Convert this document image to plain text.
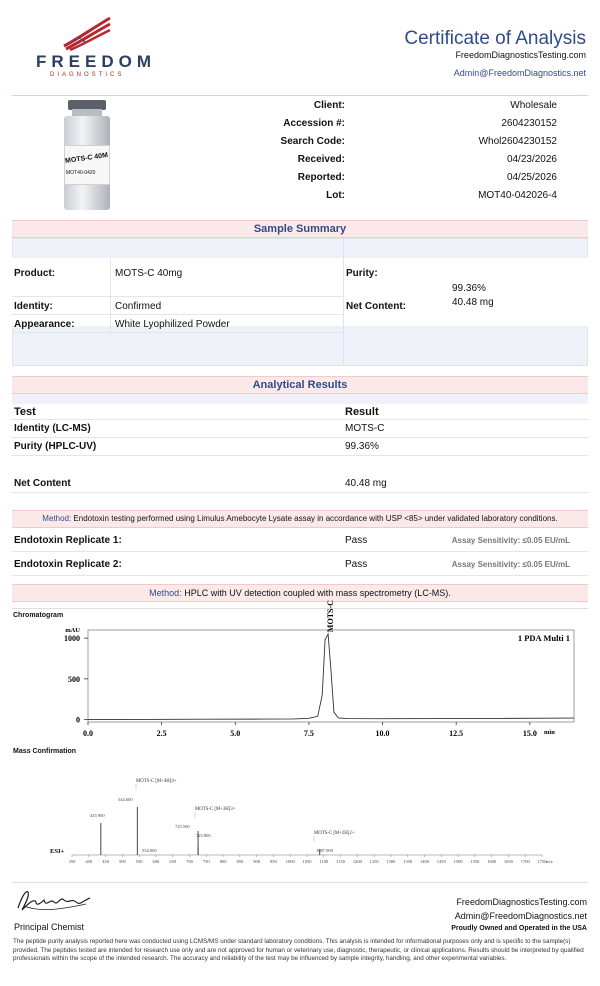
FREEDOM
DIAGNOSTICS
Certificate of Analysis
FreedomDiagnosticsTesting.com
Admin@FreedomDiagnostics.net
MOTS-C 40M
MOT40-0420
Client:	Wholesale
Accession #:	2604230152
Search Code:	Whol2604230152
Received:	04/23/2026
Reported:	04/25/2026
Lot:	MOT40-042026-4
Sample Summary
Product:	MOTS-C 40mg
Identity:	Confirmed
Appearance:	White Lyophilized Powder
Purity:
99.36%
Net Content:	40.48 mg
Analytical Results
Test	Result
Identity (LC-MS)	MOTS-C
Purity (HPLC-UV)	99.36%
Net Content	40.48 mg
Method: Endotoxin testing performed using Limulus Amebocyte Lysate assay in accordance with USP <85> under validated laboratory conditions.
Endotoxin Replicate 1:	Pass	Assay Sensitivity: ≤0.05 EU/mL
Endotoxin Replicate 2:	Pass	Assay Sensitivity: ≤0.05 EU/mL
Method: HPLC with UV detection coupled with mass spectrometry (LC-MS).
Chromatogram
1000
500
0
mAU
0.0	2.5	5.0	7.5	10.0	12.5	15.0 min
1 PDA Multi 1
MOTS-C
Mass Confirmation
350 400 450 500 550 600 650 700 750 800 850 900 950 1000 1050 1100 1150 1200 1250 1300 1350 1400 1450 1500 1550 1600 1650 1700 1750 m/z
ESI+
435.900
544.600
554.000
725.500
725.800
1087.900
MOTS-C [M+4H]4+
MOTS-C [M+3H]3+
MOTS-C [M+2H]2+
Principal Chemist
FreedomDiagnosticsTesting.com
Admin@FreedomDiagnostics.net
Proudly Owned and Operated in the USA
The peptide purity analysis reported here was conducted using LCMS/MS under standard laboratory conditions. This analysis is intended for informational purposes only and is specific to the sample(s) provided. The peptides tested are intended for research use only and are not approved for human or veterinary use, diagnostic, therapeutic, or clinical applications. Results should be interpreted by qualified professionals within the scope of the intended research. The accuracy and reliability of the test may be influenced by sample integrity, handling, and other experimental variables.
